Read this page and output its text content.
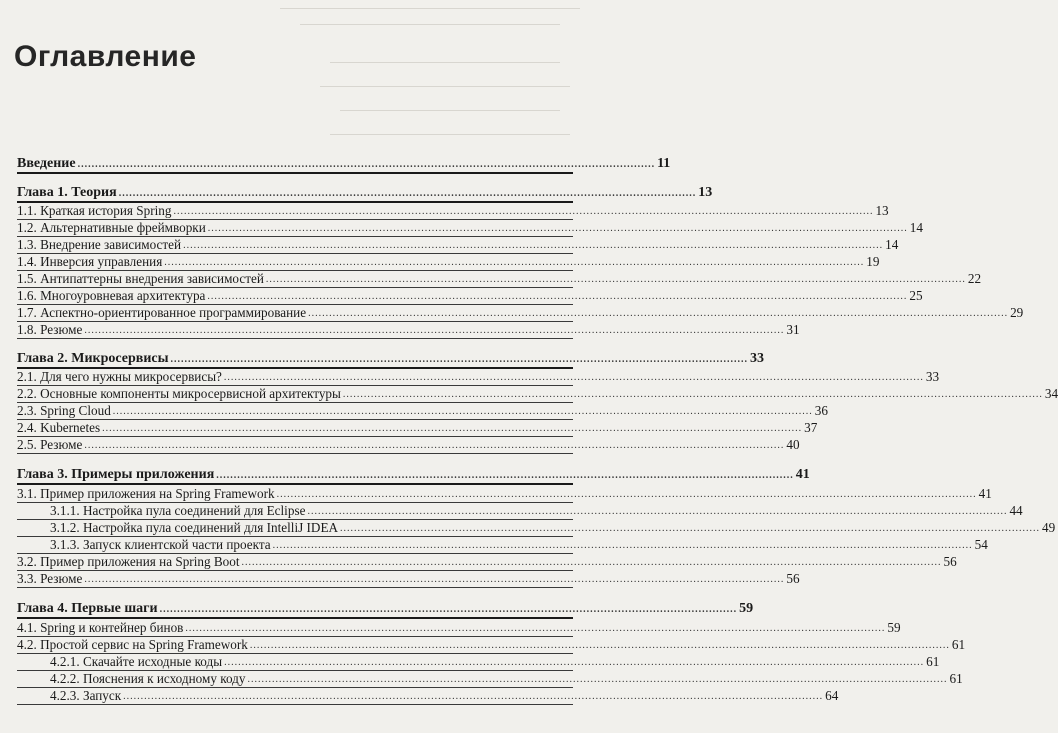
Оглавление
Введение ..................................................................................................................................................................... 11
Глава 1. Теория ..................................................................................................................................................................... 13
1.1. Краткая история Spring ........................................................................................................................................................................................................ 13
1.2. Альтернативные фреймворки ........................................................................................................................................................................................................ 14
1.3. Внедрение зависимостей ........................................................................................................................................................................................................ 14
1.4. Инверсия управления ........................................................................................................................................................................................................ 19
1.5. Антипаттерны внедрения зависимостей ........................................................................................................................................................................................................ 22
1.6. Многоуровневая архитектура ........................................................................................................................................................................................................ 25
1.7. Аспектно-ориентированное программирование ........................................................................................................................................................................................................ 29
1.8. Резюме ........................................................................................................................................................................................................ 31
Глава 2. Микросервисы ..................................................................................................................................................................... 33
2.1. Для чего нужны микросервисы? ........................................................................................................................................................................................................ 33
2.2. Основные компоненты микросервисной архитектуры ........................................................................................................................................................................................................ 34
2.3. Spring Cloud ........................................................................................................................................................................................................ 36
2.4. Kubernetes ........................................................................................................................................................................................................ 37
2.5. Резюме ........................................................................................................................................................................................................ 40
Глава 3. Примеры приложения ..................................................................................................................................................................... 41
3.1. Пример приложения на Spring Framework ........................................................................................................................................................................................................ 41
3.1.1. Настройка пула соединений для Eclipse ........................................................................................................................................................................................................ 44
3.1.2. Настройка пула соединений для IntelliJ IDEA ........................................................................................................................................................................................................ 49
3.1.3. Запуск клиентской части проекта ........................................................................................................................................................................................................ 54
3.2. Пример приложения на Spring Boot ........................................................................................................................................................................................................ 56
3.3. Резюме ........................................................................................................................................................................................................ 56
Глава 4. Первые шаги ..................................................................................................................................................................... 59
4.1. Spring и контейнер бинов ........................................................................................................................................................................................................ 59
4.2. Простой сервис на Spring Framework ........................................................................................................................................................................................................ 61
4.2.1. Скачайте исходные коды ........................................................................................................................................................................................................ 61
4.2.2. Пояснения к исходному коду ........................................................................................................................................................................................................ 61
4.2.3. Запуск ........................................................................................................................................................................................................ 64
